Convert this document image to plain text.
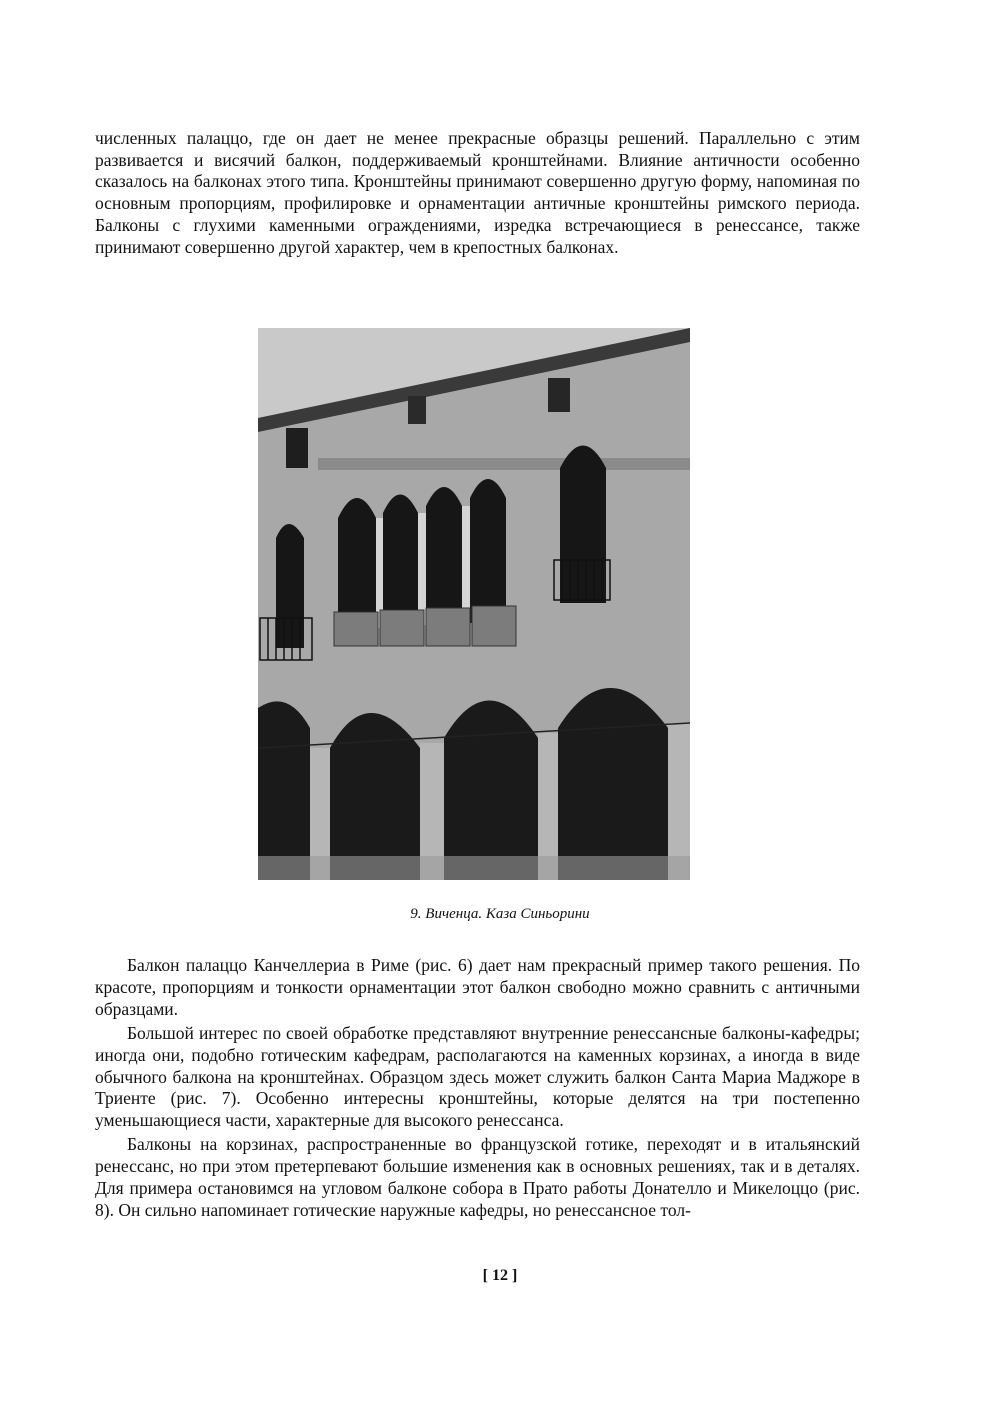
численных палаццо, где он дает не менее прекрасные образцы решений. Параллельно с этим развивается и висячий балкон, поддерживаемый кронштейнами. Влияние античности особенно сказалось на балконах этого типа. Кронштейны принимают совершенно другую форму, напоминая по основным пропорциям, профилировке и орнаментации античные кронштейны римского периода. Балконы с глухими каменными ограждениями, изредка встречающиеся в ренессансе, также принимают совершенно другой характер, чем в крепостных балконах.

9. Виченца. Каза Синьорини

Балкон палаццо Канчеллериа в Риме (рис. 6) дает нам прекрасный пример такого решения. По красоте, пропорциям и тонкости орнаментации этот балкон свободно можно сравнить с античными образцами.

Большой интерес по своей обработке представляют внутренние ренессансные балконы-кафедры; иногда они, подобно готическим кафедрам, располагаются на каменных корзинах, а иногда в виде обычного балкона на кронштейнах. Образцом здесь может служить балкон Санта Мариа Маджоре в Триенте (рис. 7). Особенно интересны кронштейны, которые делятся на три постепенно уменьшающиеся части, характерные для высокого ренессанса.

Балконы на корзинах, распространенные во французской готике, переходят и в итальянский ренессанс, но при этом претерпевают большие изменения как в основных решениях, так и в деталях. Для примера остановимся на угловом балконе собора в Прато работы Донателло и Микелоццо (рис. 8). Он сильно напоминает готические наружные кафедры, но ренессансное тол-

[ 12 ]
